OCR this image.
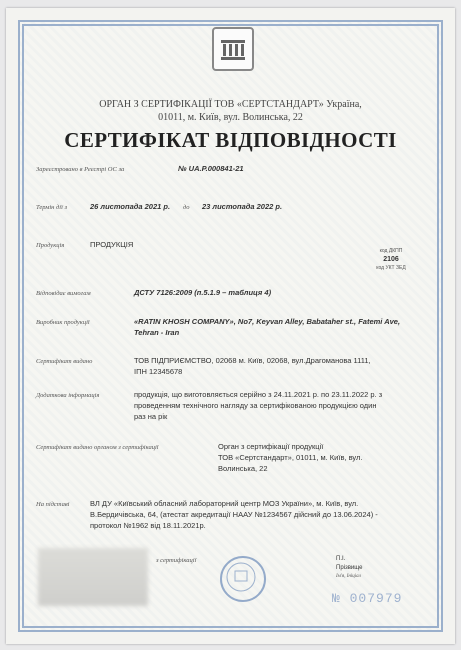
ОРГАН З СЕРТИФІКАЦІЇ ТОВ «СЕРТСТАНДАРТ» Україна,
01011, м. Київ, вул. Волинська, 22
СЕРТИФІКАТ ВІДПОВІДНОСТІ
Зареєстровано в Реєстрі ОС за	№ UA.P.000841-21
Термін дії з	26 листопада 2021 р. до 23 листопада 2022 р.
Продукція	ПРОДУКЦІЯ
код ДКПП
2106
код УКТ ЗЕД
Відповідає вимогам	ДСТУ 7126:2009 (п.5.1.9 – таблиця 4)
Виробник продукції	«RATIN KHOSH COMPANY», No7, Keyvan Alley, Babataher st., Fatemi Ave,
Tehran - Iran
Сертифікат видано	ТОВ ПІДПРИЄМСТВО, 02068 м. Київ, 02068, вул.Драгоманова 1111,
ІПН 12345678
Додаткова інформація	продукція, що виготовляється серійно з 24.11.2021 р. по 23.11.2022 р. з
проведенням технічного нагляду за сертифікованою продукцією один
раз на рік
Сертифікат видано органом з сертифікації	Орган з сертифікації продукції
ТОВ «Сертстандарт», 01011, м. Київ, вул.
Волинська, 22
На підставі	ВЛ ДУ «Київський обласний лабораторний центр МОЗ України», м. Київ, вул.
В.Бердичівська, 64, (атестат акредитації НААУ №1234567 дійсний до 13.06.2024) -
протокол №1962 від 18.11.2021р.
з сертифікації	П.І.
Прізвище
Ім'я, Ініціал
№ 007979
